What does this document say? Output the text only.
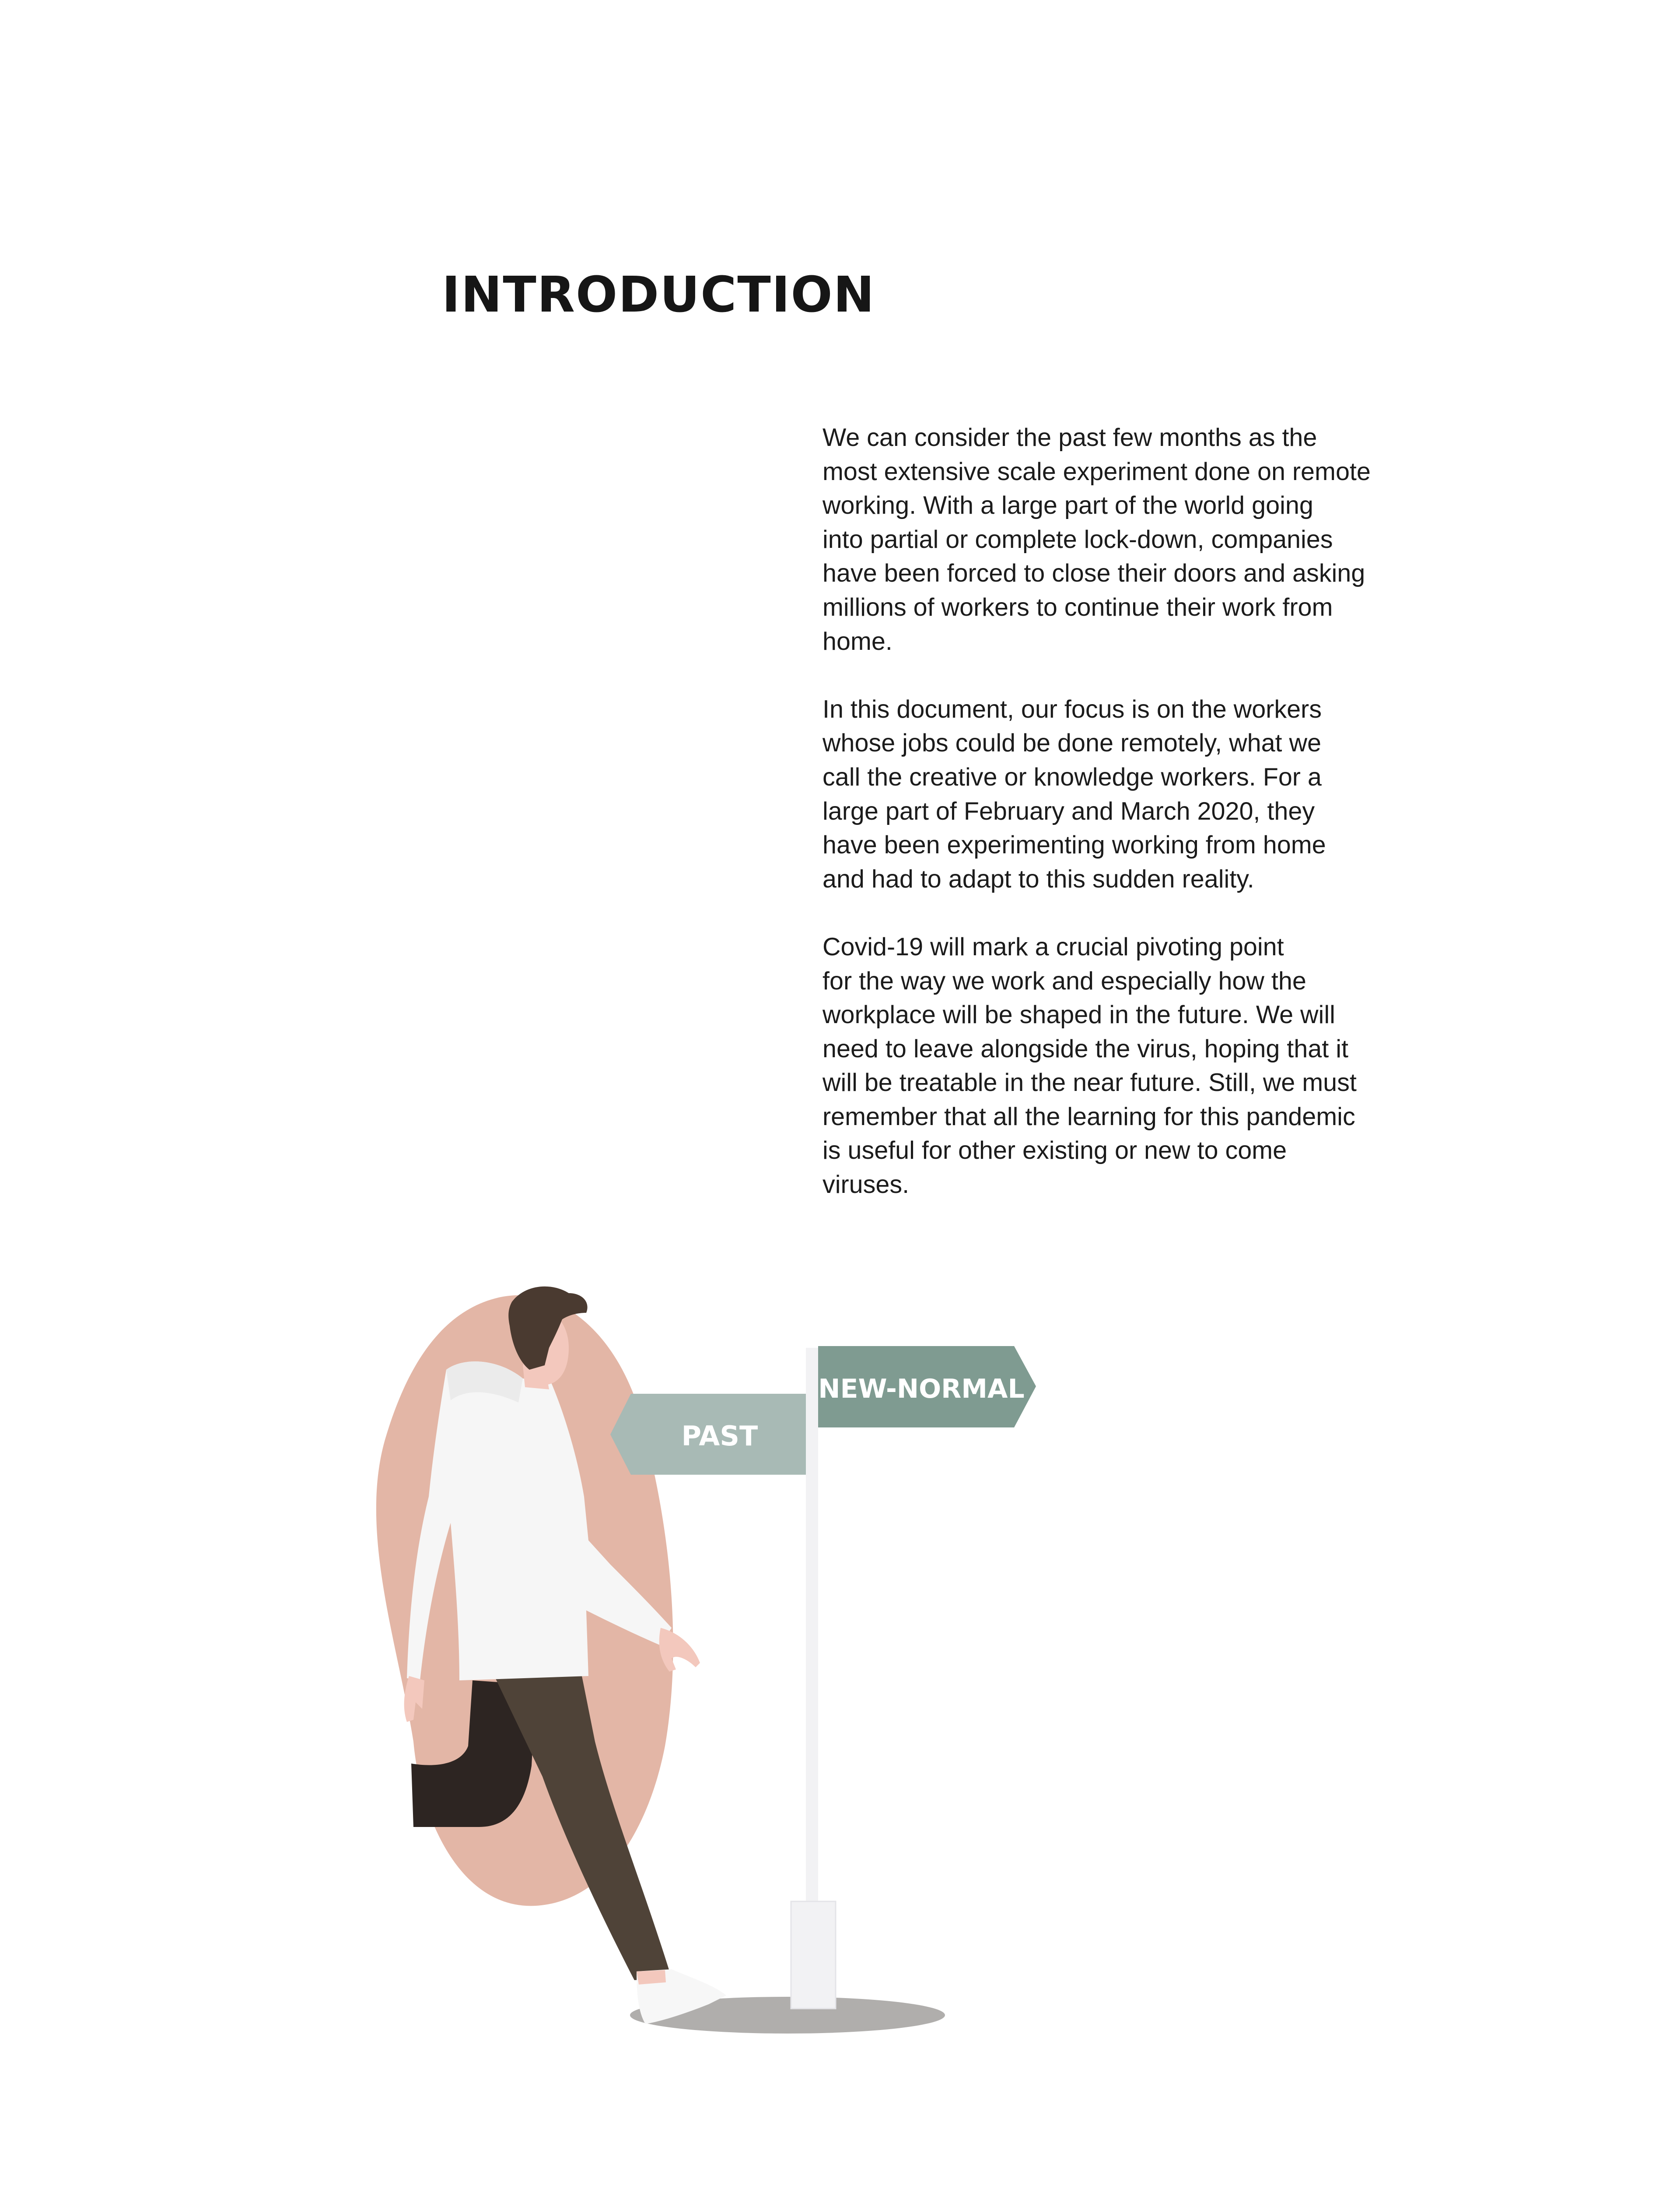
INTRODUCTION

We can consider the past few months as the
most extensive scale experiment done on remote
working. With a large part of the world going
into partial or complete lock-down, companies
have been forced to close their doors and asking
millions of workers to continue their work from
home.

In this document, our focus is on the workers
whose jobs could be done remotely, what we
call the creative or knowledge workers. For a
large part of February and March 2020, they
have been experimenting working from home
and had to adapt to this sudden reality.

Covid-19 will mark a crucial pivoting point
for the way we work and especially how the
workplace will be shaped in the future. We will
need to leave alongside the virus, hoping that it
will be treatable in the near future. Still, we must
remember that all the learning for this pandemic
is useful for other existing or new to come
viruses.

PAST
NEW-NORMAL
